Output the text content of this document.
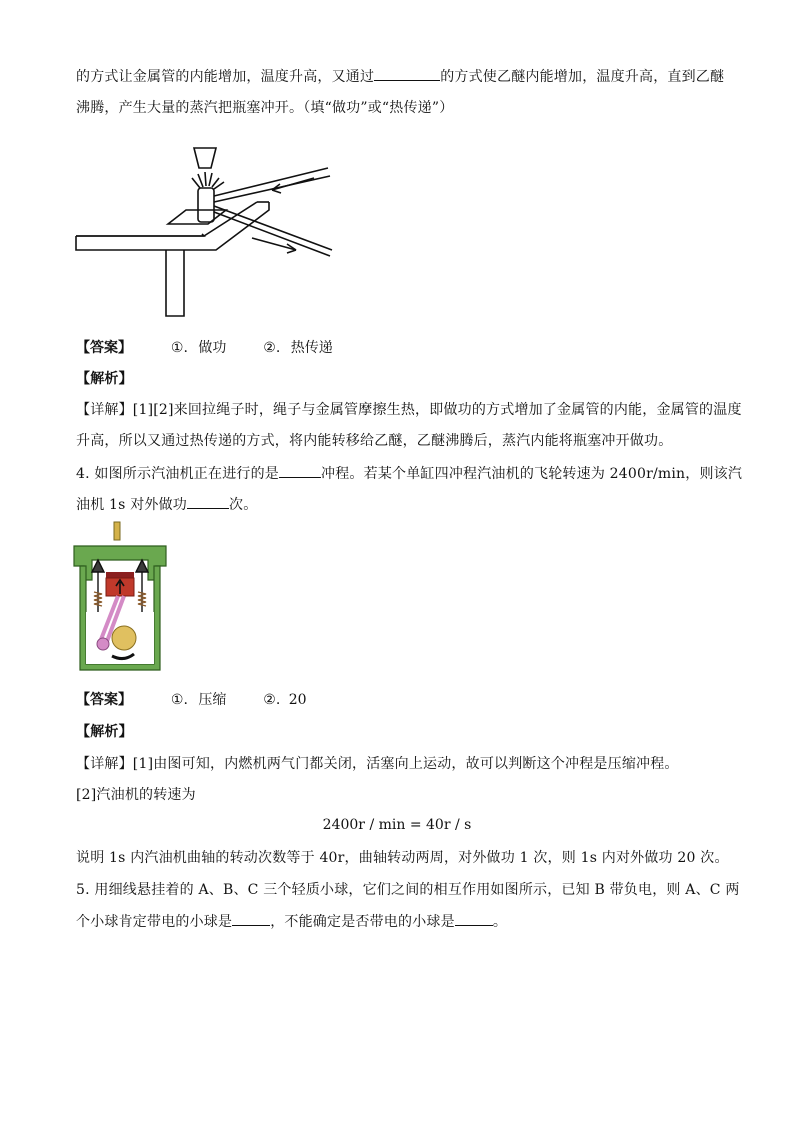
的方式让金属管的内能增加，温度升高，又通过	的方式使乙醚内能增加，温度升高，直到乙醚
沸腾，产生大量的蒸汽把瓶塞冲开。（填“做功”或“热传递”）
【答案】	①. 做功	②. 热传递
【解析】
【详解】[1][2]来回拉绳子时，绳子与金属管摩擦生热，即做功的方式增加了金属管的内能，金属管的温度
升高，所以又通过热传递的方式，将内能转移给乙醚，乙醚沸腾后，蒸汽内能将瓶塞冲开做功。
4. 如图所示汽油机正在进行的是	冲程。若某个单缸四冲程汽油机的飞轮转速为 2400r/min，则该汽
油机 1s 对外做功	次。
【答案】	①. 压缩	②. 20
【解析】
【详解】[1]由图可知，内燃机两气门都关闭，活塞向上运动，故可以判断这个冲程是压缩冲程。
[2]汽油机的转速为
2400r / min = 40r / s
说明 1s 内汽油机曲轴的转动次数等于 40r，曲轴转动两周，对外做功 1 次，则 1s 内对外做功 20 次。
5. 用细线悬挂着的 A、B、C 三个轻质小球，它们之间的相互作用如图所示，已知 B 带负电，则 A、C 两
个小球肯定带电的小球是	，不能确定是否带电的小球是	。
